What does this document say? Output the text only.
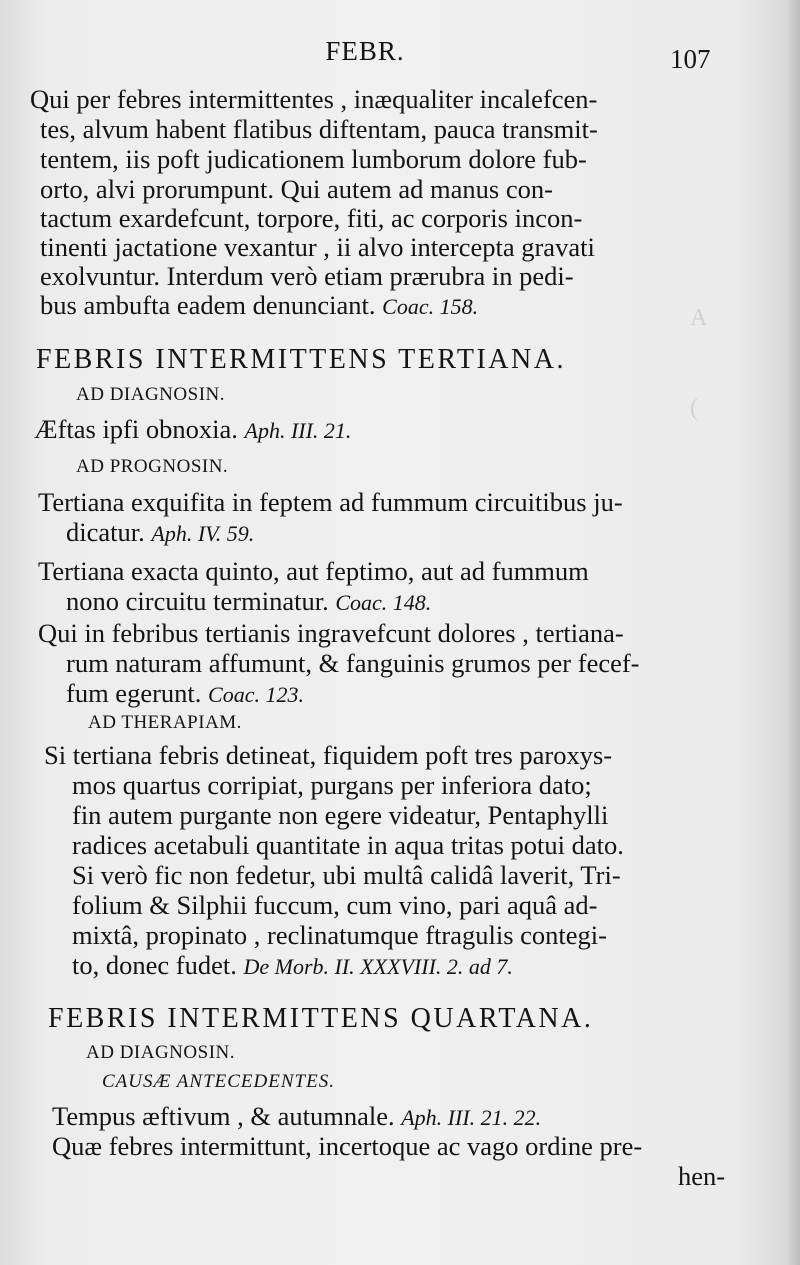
A
(
FEBR.	107
Qui per febres intermittentes , inæqualiter incalefcen-
tes, alvum habent flatibus diftentam, pauca transmit-
tentem, iis poft judicationem lumborum dolore fub-
orto, alvi prorumpunt. Qui autem ad manus con-
tactum exardefcunt, torpore, fiti, ac corporis incon-
tinenti jactatione vexantur , ii alvo intercepta gravati
exolvuntur. Interdum verò etiam prærubra in pedi-
bus ambufta eadem denunciant. Coac. 158.
FEBRIS INTERMITTENS TERTIANA.
AD DIAGNOSIN.
Æftas ipfi obnoxia. Aph. III. 21.
AD PROGNOSIN.
Tertiana exquifita in feptem ad fummum circuitibus ju-
dicatur. Aph. IV. 59.
Tertiana exacta quinto, aut feptimo, aut ad fummum
nono circuitu terminatur. Coac. 148.
Qui in febribus tertianis ingravefcunt dolores , tertiana-
rum naturam affumunt, & fanguinis grumos per fecef-
fum egerunt. Coac. 123.
AD THERAPIAM.
Si tertiana febris detineat, fiquidem poft tres paroxys-
mos quartus corripiat, purgans per inferiora dato;
fin autem purgante non egere videatur, Pentaphylli
radices acetabuli quantitate in aqua tritas potui dato.
Si verò fic non fedetur, ubi multâ calidâ laverit, Tri-
folium & Silphii fuccum, cum vino, pari aquâ ad-
mixtâ, propinato , reclinatumque ftragulis contegi-
to, donec fudet. De Morb. II. XXXVIII. 2. ad 7.
FEBRIS INTERMITTENS QUARTANA.
AD DIAGNOSIN.
CAUSÆ ANTECEDENTES.
Tempus æftivum , & autumnale. Aph. III. 21. 22.
Quæ febres intermittunt, incertoque ac vago ordine pre-
hen-
